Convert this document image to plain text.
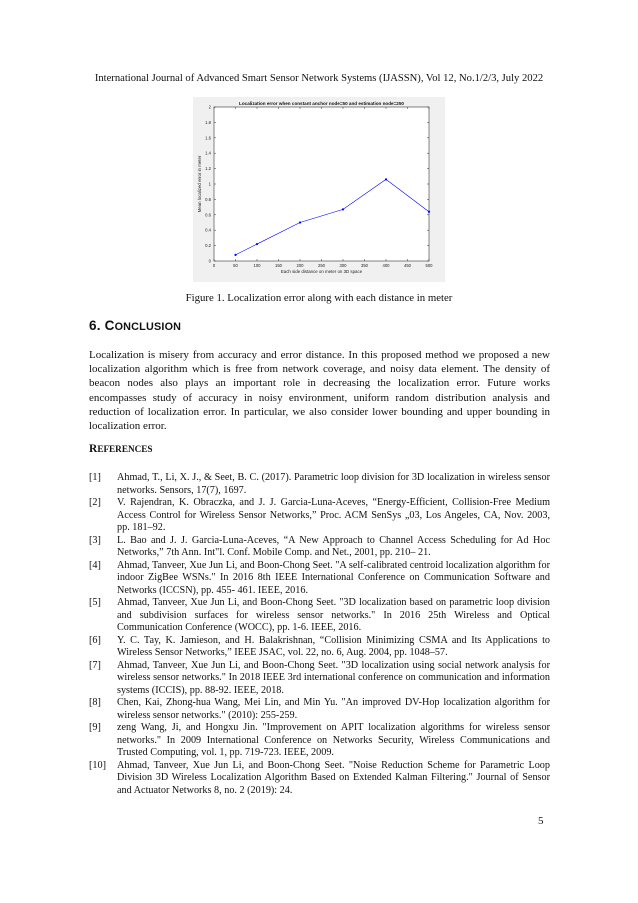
International Journal of Advanced Smart Sensor Network Systems (IJASSN), Vol 12, No.1/2/3, July 2022
Localization error when constant anchor node=50 and estimation node=250
0	50	100	150	200	250	300	350	400	450	500
0
0.2
0.4
0.6
0.8
1
1.2
1.4
1.6
1.8
2
Each side distance on meter on 3D space
Mean localized error in meter
Figure 1. Localization error along with each distance in meter
6. CONCLUSION
Localization is misery from accuracy and error distance. In this proposed method we proposed a new localization algorithm which is free from network coverage, and noisy data element. The density of beacon nodes also plays an important role in decreasing the localization error. Future works encompasses study of accuracy in noisy environment, uniform random distribution analysis and reduction of localization error. In particular, we also consider lower bounding and upper bounding in localization error.
REFERENCES
[1]	Ahmad, T., Li, X. J., & Seet, B. C. (2017). Parametric loop division for 3D localization in wireless sensor networks. Sensors, 17(7), 1697.
[2]	V. Rajendran, K. Obraczka, and J. J. Garcia-Luna-Aceves, “Energy-Efficient, Collision-Free Medium Access Control for Wireless Sensor Networks,” Proc. ACM SenSys „03, Los Angeles, CA, Nov. 2003, pp. 181–92.
[3]	L. Bao and J. J. Garcia-Luna-Aceves, “A New Approach to Channel Access Scheduling for Ad Hoc Networks,” 7th Ann. Int"l. Conf. Mobile Comp. and Net., 2001, pp. 210– 21.
[4]	Ahmad, Tanveer, Xue Jun Li, and Boon-Chong Seet. "A self-calibrated centroid localization algorithm for indoor ZigBee WSNs." In 2016 8th IEEE International Conference on Communication Software and Networks (ICCSN), pp. 455- 461. IEEE, 2016.
[5]	Ahmad, Tanveer, Xue Jun Li, and Boon-Chong Seet. "3D localization based on parametric loop division and subdivision surfaces for wireless sensor networks." In 2016 25th Wireless and Optical Communication Conference (WOCC), pp. 1-6. IEEE, 2016.
[6]	Y. C. Tay, K. Jamieson, and H. Balakrishnan, “Collision Minimizing CSMA and Its Applications to Wireless Sensor Networks,” IEEE JSAC, vol. 22, no. 6, Aug. 2004, pp. 1048–57.
[7]	Ahmad, Tanveer, Xue Jun Li, and Boon-Chong Seet. "3D localization using social network analysis for wireless sensor networks." In 2018 IEEE 3rd international conference on communication and information systems (ICCIS), pp. 88-92. IEEE, 2018.
[8]	Chen, Kai, Zhong-hua Wang, Mei Lin, and Min Yu. "An improved DV-Hop localization algorithm for wireless sensor networks." (2010): 255-259.
[9]	zeng Wang, Ji, and Hongxu Jin. "Improvement on APIT localization algorithms for wireless sensor networks." In 2009 International Conference on Networks Security, Wireless Communications and Trusted Computing, vol. 1, pp. 719-723. IEEE, 2009.
[10]	Ahmad, Tanveer, Xue Jun Li, and Boon-Chong Seet. "Noise Reduction Scheme for Parametric Loop Division 3D Wireless Localization Algorithm Based on Extended Kalman Filtering." Journal of Sensor and Actuator Networks 8, no. 2 (2019): 24.
5
